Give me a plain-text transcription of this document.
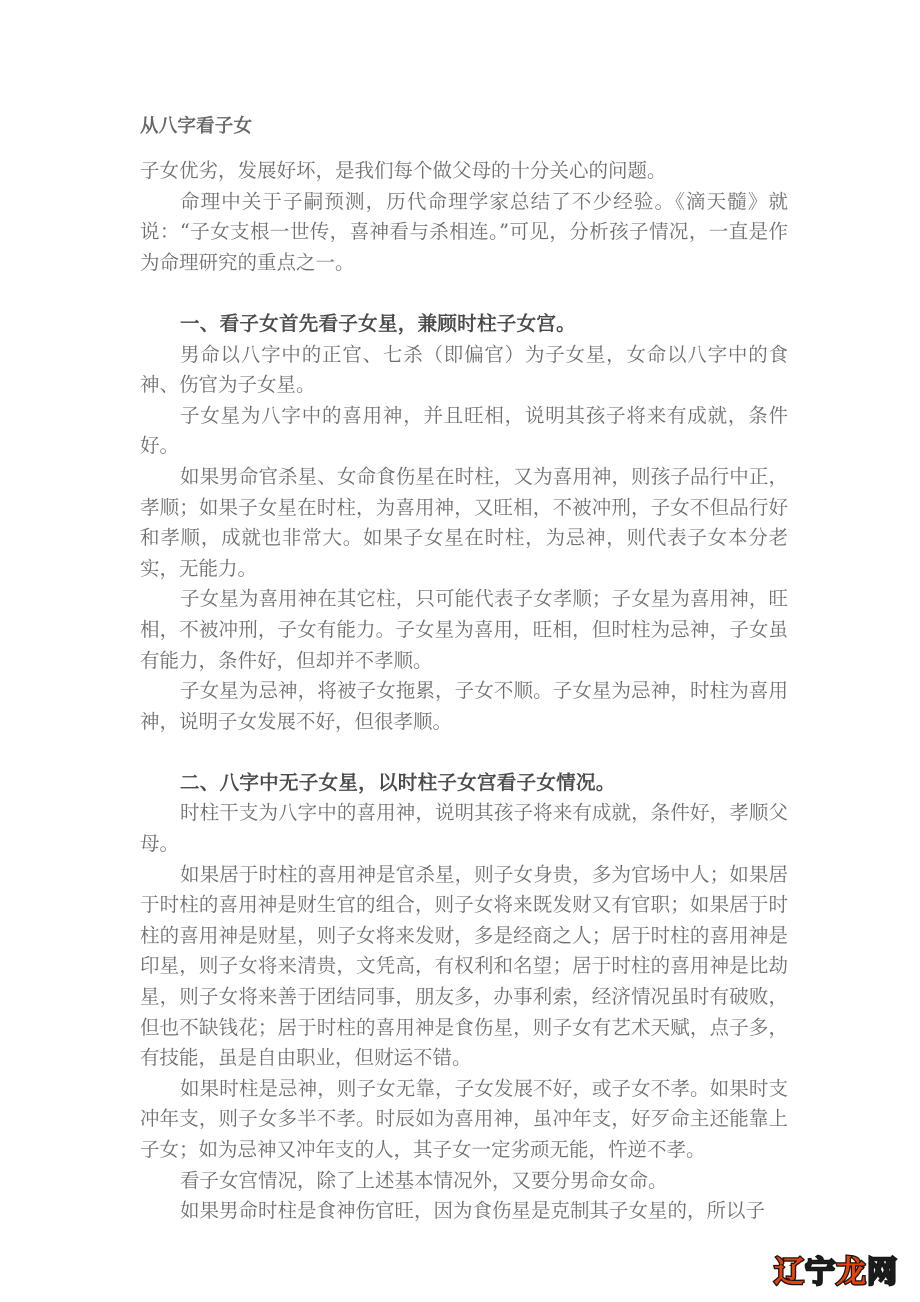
从八字看子女

子女优劣，发展好坏，是我们每个做父母的十分关心的问题。

命理中关于子嗣预测，历代命理学家总结了不少经验。《滴天髓》就说：“子女支根一世传，喜神看与杀相连。”可见，分析孩子情况，一直是作为命理研究的重点之一。

一、看子女首先看子女星，兼顾时柱子女宫。

男命以八字中的正官、七杀（即偏官）为子女星，女命以八字中的食神、伤官为子女星。

子女星为八字中的喜用神，并且旺相，说明其孩子将来有成就，条件好。

如果男命官杀星、女命食伤星在时柱，又为喜用神，则孩子品行中正，孝顺；如果子女星在时柱，为喜用神，又旺相，不被冲刑，子女不但品行好和孝顺，成就也非常大。如果子女星在时柱，为忌神，则代表子女本分老实，无能力。

子女星为喜用神在其它柱，只可能代表子女孝顺；子女星为喜用神，旺相，不被冲刑，子女有能力。子女星为喜用，旺相，但时柱为忌神，子女虽有能力，条件好，但却并不孝顺。

子女星为忌神，将被子女拖累，子女不顺。子女星为忌神，时柱为喜用神，说明子女发展不好，但很孝顺。

二、八字中无子女星，以时柱子女宫看子女情况。

时柱干支为八字中的喜用神，说明其孩子将来有成就，条件好，孝顺父母。

如果居于时柱的喜用神是官杀星，则子女身贵，多为官场中人；如果居于时柱的喜用神是财生官的组合，则子女将来既发财又有官职；如果居于时柱的喜用神是财星，则子女将来发财，多是经商之人；居于时柱的喜用神是印星，则子女将来清贵，文凭高，有权利和名望；居于时柱的喜用神是比劫星，则子女将来善于团结同事，朋友多，办事利索，经济情况虽时有破败，但也不缺钱花；居于时柱的喜用神是食伤星，则子女有艺术天赋，点子多，有技能，虽是自由职业，但财运不错。

如果时柱是忌神，则子女无靠，子女发展不好，或子女不孝。如果时支冲年支，则子女多半不孝。时辰如为喜用神，虽冲年支，好歹命主还能靠上子女；如为忌神又冲年支的人，其子女一定劣顽无能，忤逆不孝。

看子女宫情况，除了上述基本情况外，又要分男命女命。

如果男命时柱是食神伤官旺，因为食伤星是克制其子女星的，所以子

辽宁龙网
